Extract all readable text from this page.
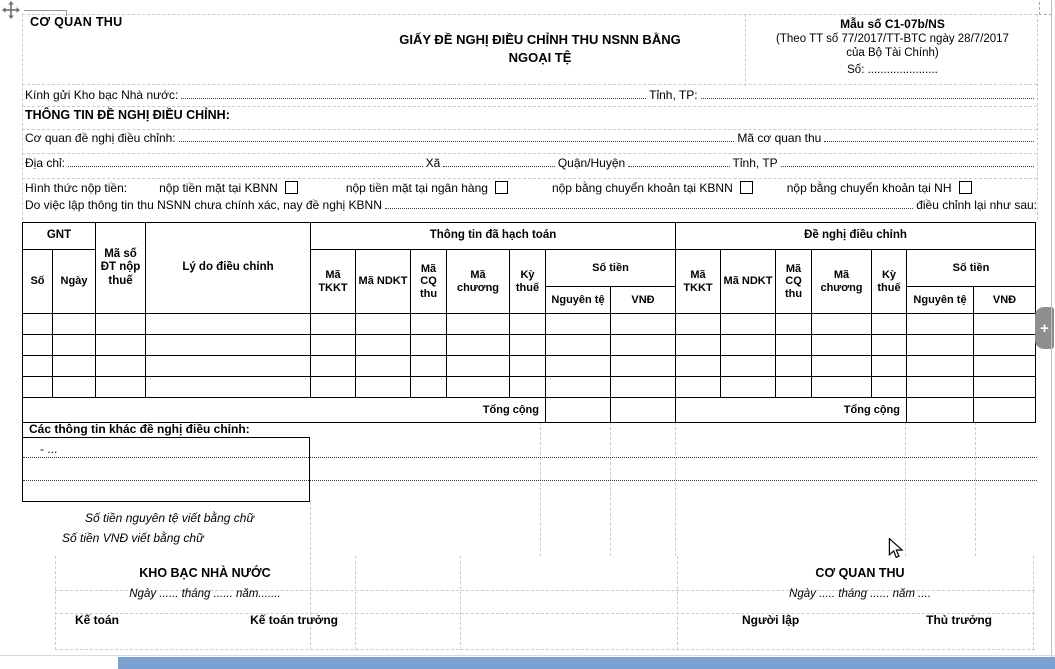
CƠ QUAN THU
GIẤY ĐỀ NGHỊ ĐIỀU CHỈNH THU NSNN BẰNG
NGOẠI TỆ
Mẫu số C1-07b/NS
(Theo TT số 77/2017/TT-BTC ngày 28/7/2017
của Bộ Tài Chính)
Số: ......................
Kính gửi Kho bạc Nhà nước:	Tỉnh, TP:
THÔNG TIN ĐỀ NGHỊ ĐIỀU CHỈNH:
Cơ quan đề nghị điều chỉnh:	Mã cơ quan thu
Địa chỉ:	Xã	Quận/Huyện	Tỉnh, TP
Hình thức nộp tiền:	nộp tiền mặt tại KBNN	nộp tiền mặt tại ngân hàng	nộp bằng chuyển khoản tại KBNN	nộp bằng chuyển khoản tại NH
Do việc lập thông tin thu NSNN chưa chính xác, nay đề nghị KBNN	điều chỉnh lại như sau:
GNT		Mã số ĐT nộp thuế	Lý do điều chỉnh	Thông tin đã hạch toán							Đề nghị điều chỉnh						
Số	Ngày			Mã TKKT	Mã NDKT	Mã CQ thu	Mã chương	Kỳ thuế	Số tiền		Mã TKKT	Mã NDKT	Mã CQ thu	Mã chương	Kỳ thuế	Số tiền	
									Nguyên tệ	VNĐ						Nguyên tệ	VNĐ

Tổng cộng											Tổng cộng						
Các thông tin khác đề nghị điều chỉnh:
- ...
Số tiền nguyên tệ viết bằng chữ
Số tiền VNĐ viết bằng chữ
KHO BẠC NHÀ NƯỚC
Ngày ...... tháng ...... năm.......
Kế toán	Kế toán trưởng
CƠ QUAN THU
Ngày ..... tháng ...... năm ....
Người lập	Thủ trưởng
+
